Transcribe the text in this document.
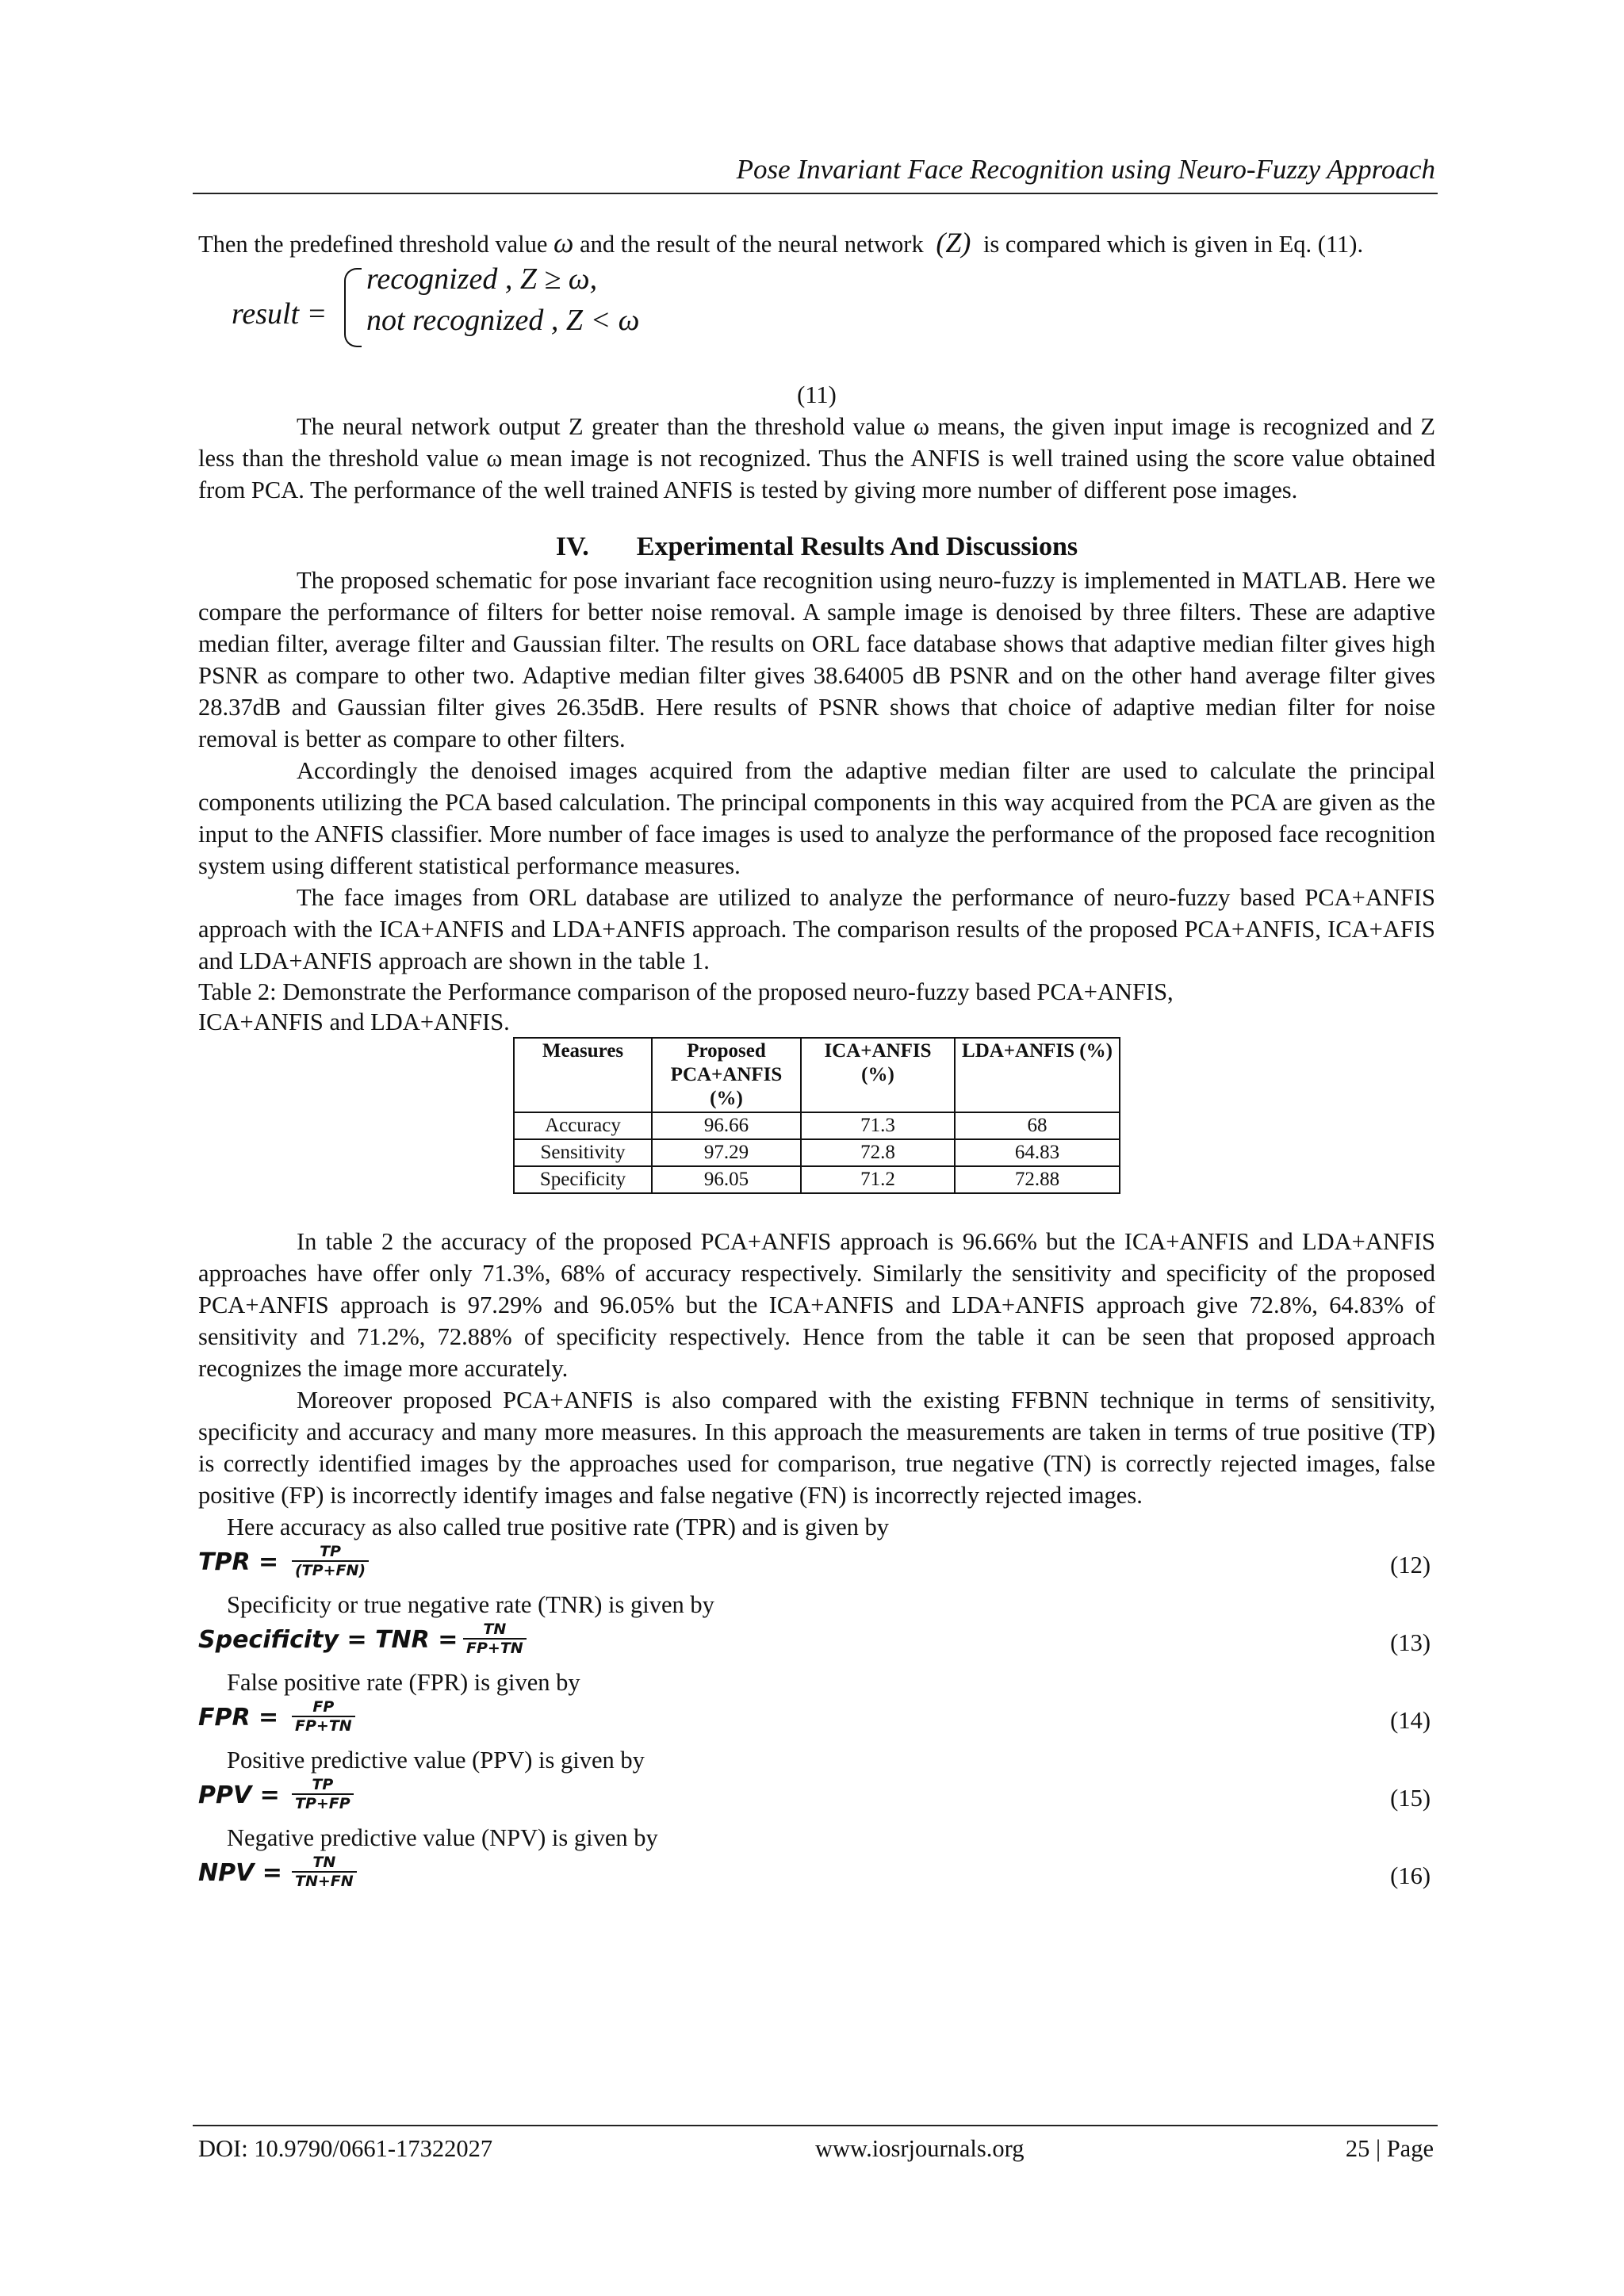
Pose Invariant Face Recognition using Neuro-Fuzzy Approach

Then the predefined threshold value ω and the result of the neural network (Z) is compared which is given in Eq. (11).

result =
recognized , Z ≥ ω,
not recognized , Z < ω
(11)

The neural network output Z greater than the threshold value ω means, the given input image is recognized and Z less than the threshold value ω mean image is not recognized. Thus the ANFIS is well trained using the score value obtained from PCA. The performance of the well trained ANFIS is tested by giving more number of different pose images.

IV. Experimental Results And Discussions

The proposed schematic for pose invariant face recognition using neuro-fuzzy is implemented in MATLAB. Here we compare the performance of filters for better noise removal. A sample image is denoised by three filters. These are adaptive median filter, average filter and Gaussian filter. The results on ORL face database shows that adaptive median filter gives high PSNR as compare to other two. Adaptive median filter gives 38.64005 dB PSNR and on the other hand average filter gives 28.37dB and Gaussian filter gives 26.35dB. Here results of PSNR shows that choice of adaptive median filter for noise removal is better as compare to other filters.

Accordingly the denoised images acquired from the adaptive median filter are used to calculate the principal components utilizing the PCA based calculation. The principal components in this way acquired from the PCA are given as the input to the ANFIS classifier. More number of face images is used to analyze the performance of the proposed face recognition system using different statistical performance measures.

The face images from ORL database are utilized to analyze the performance of neuro-fuzzy based PCA+ANFIS approach with the ICA+ANFIS and LDA+ANFIS approach. The comparison results of the proposed PCA+ANFIS, ICA+AFIS and LDA+ANFIS approach are shown in the table 1.

Table 2: Demonstrate the Performance comparison of the proposed neuro-fuzzy based PCA+ANFIS,
ICA+ANFIS and LDA+ANFIS.

Measures	Proposed PCA+ANFIS (%)	ICA+ANFIS (%)	LDA+ANFIS (%)
Accuracy	96.66	71.3	68
Sensitivity	97.29	72.8	64.83
Specificity	96.05	71.2	72.88

In table 2 the accuracy of the proposed PCA+ANFIS approach is 96.66% but the ICA+ANFIS and LDA+ANFIS approaches have offer only 71.3%, 68% of accuracy respectively. Similarly the sensitivity and specificity of the proposed PCA+ANFIS approach is 97.29% and 96.05% but the ICA+ANFIS and LDA+ANFIS approach give 72.8%, 64.83% of sensitivity and 71.2%, 72.88% of specificity respectively. Hence from the table it can be seen that proposed approach recognizes the image more accurately.

Moreover proposed PCA+ANFIS is also compared with the existing FFBNN technique in terms of sensitivity, specificity and accuracy and many more measures. In this approach the measurements are taken in terms of true positive (TP) is correctly identified images by the approaches used for comparison, true negative (TN) is correctly rejected images, false positive (FP) is incorrectly identify images and false negative (FN) is incorrectly rejected images.

Here accuracy as also called true positive rate (TPR) and is given by

TPR =	TP
(TP+FN)	(12)

Specificity or true negative rate (TNR) is given by

Specificity = TNR = TN
FP+TN	(13)

False positive rate (FPR) is given by

FPR = FP
FP+TN	(14)

Positive predictive value (PPV) is given by

PPV = TP
TP+FP	(15)

Negative predictive value (NPV) is given by

NPV = TN
TN+FN	(16)
DOI: 10.9790/0661-17322027	www.iosrjournals.org	25 | Page
